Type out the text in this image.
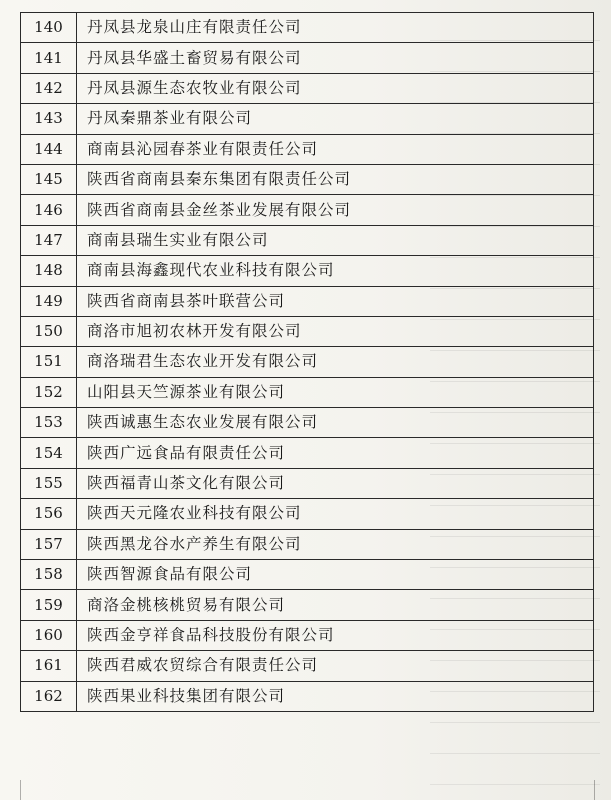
140	丹凤县龙泉山庄有限责任公司
141	丹凤县华盛土畜贸易有限公司
142	丹凤县源生态农牧业有限公司
143	丹凤秦鼎茶业有限公司
144	商南县沁园春茶业有限责任公司
145	陕西省商南县秦东集团有限责任公司
146	陕西省商南县金丝茶业发展有限公司
147	商南县瑞生实业有限公司
148	商南县海鑫现代农业科技有限公司
149	陕西省商南县茶叶联营公司
150	商洛市旭初农林开发有限公司
151	商洛瑞君生态农业开发有限公司
152	山阳县天竺源茶业有限公司
153	陕西诚惠生态农业发展有限公司
154	陕西广远食品有限责任公司
155	陕西福青山茶文化有限公司
156	陕西天元隆农业科技有限公司
157	陕西黑龙谷水产养生有限公司
158	陕西智源食品有限公司
159	商洛金桃核桃贸易有限公司
160	陕西金亨祥食品科技股份有限公司
161	陕西君威农贸综合有限责任公司
162	陕西果业科技集团有限公司
